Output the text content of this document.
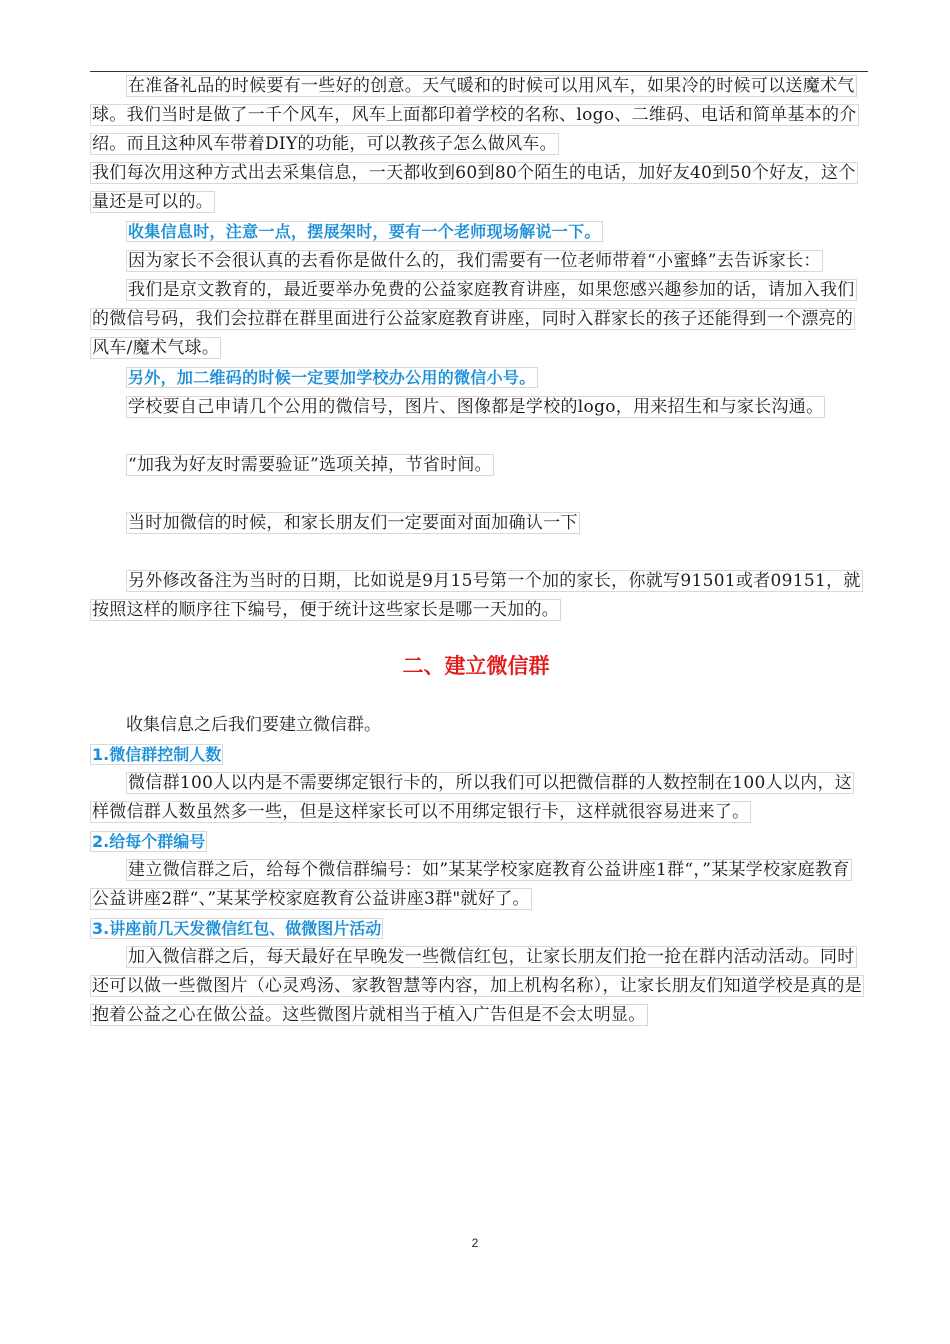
在准备礼品的时候要有一些好的创意。天气暖和的时候可以用风车，如果冷的时候可以送魔术气球。我们当时是做了一千个风车，风车上面都印着学校的名称、logo、二维码、电话和简单基本的介绍。而且这种风车带着DIY的功能，可以教孩子怎么做风车。
我们每次用这种方式出去采集信息，一天都收到60到80个陌生的电话，加好友40到50个好友，这个量还是可以的。
收集信息时，注意一点，摆展架时，要有一个老师现场解说一下。
因为家长不会很认真的去看你是做什么的，我们需要有一位老师带着“小蜜蜂”去告诉家长：
我们是京文教育的，最近要举办免费的公益家庭教育讲座，如果您感兴趣参加的话，请加入我们的微信号码，我们会拉群在群里面进行公益家庭教育讲座，同时入群家长的孩子还能得到一个漂亮的风车/魔术气球。
另外，加二维码的时候一定要加学校办公用的微信小号。
学校要自己申请几个公用的微信号，图片、图像都是学校的logo，用来招生和与家长沟通。
“加我为好友时需要验证”选项关掉，节省时间。
当时加微信的时候，和家长朋友们一定要面对面加确认一下
另外修改备注为当时的日期，比如说是9月15号第一个加的家长，你就写91501或者09151，就按照这样的顺序往下编号，便于统计这些家长是哪一天加的。
二、建立微信群
收集信息之后我们要建立微信群。
1.微信群控制人数
微信群100人以内是不需要绑定银行卡的，所以我们可以把微信群的人数控制在100人以内，这样微信群人数虽然多一些，但是这样家长可以不用绑定银行卡，这样就很容易进来了。
2.给每个群编号
建立微信群之后，给每个微信群编号：如”某某学校家庭教育公益讲座1群“，”某某学校家庭教育公益讲座2群“、”某某学校家庭教育公益讲座3群"就好了。
3.讲座前几天发微信红包、做微图片活动
加入微信群之后，每天最好在早晚发一些微信红包，让家长朋友们抢一抢在群内活动活动。同时还可以做一些微图片（心灵鸡汤、家教智慧等内容，加上机构名称），让家长朋友们知道学校是真的是抱着公益之心在做公益。这些微图片就相当于植入广告但是不会太明显。
2
